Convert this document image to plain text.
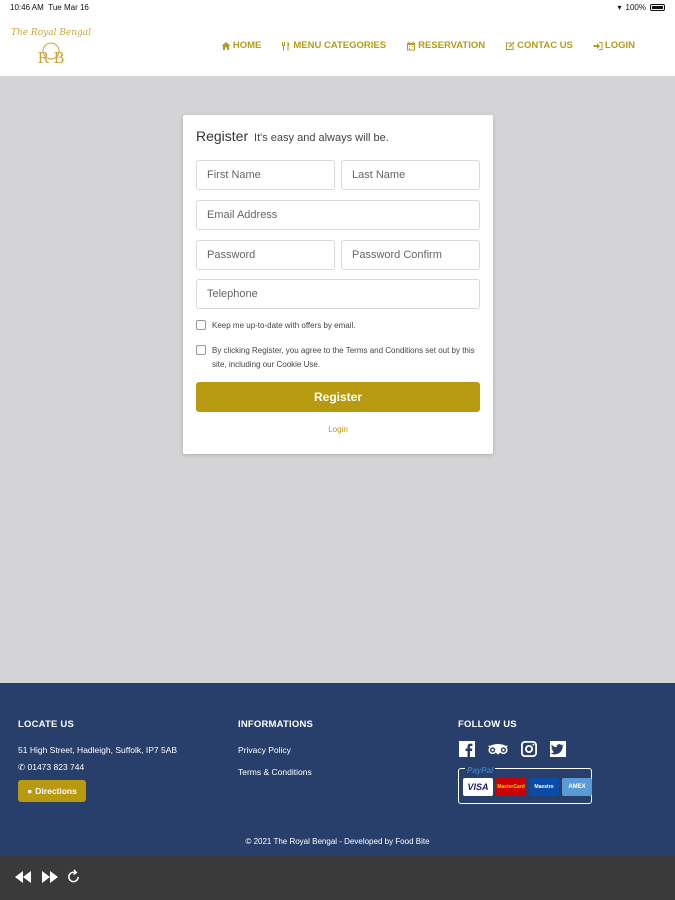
10:46 AM Tue Mar 16	▾ 100%
The Royal Bengal
R B
HOME	MENU CATEGORIES	RESERVATION	CONTAC US	LOGIN
Register It's easy and always will be.
First Name	Last Name
Email Address
Password	Password Confirm
Telephone
Keep me up-to-date with offers by email.
By clicking Register, you agree to the Terms and Conditions set out by this site, including our Cookie Use.
Register
Login
LOCATE US
51 High Street, Hadleigh, Suffolk, IP7 5AB
✆ 01473 823 744
● Directions
INFORMATIONS
Privacy Policy
Terms & Conditions
FOLLOW US
PayPal
VISA	MasterCard	Maestro	AMEX
© 2021 The Royal Bengal - Developed by Food Bite
